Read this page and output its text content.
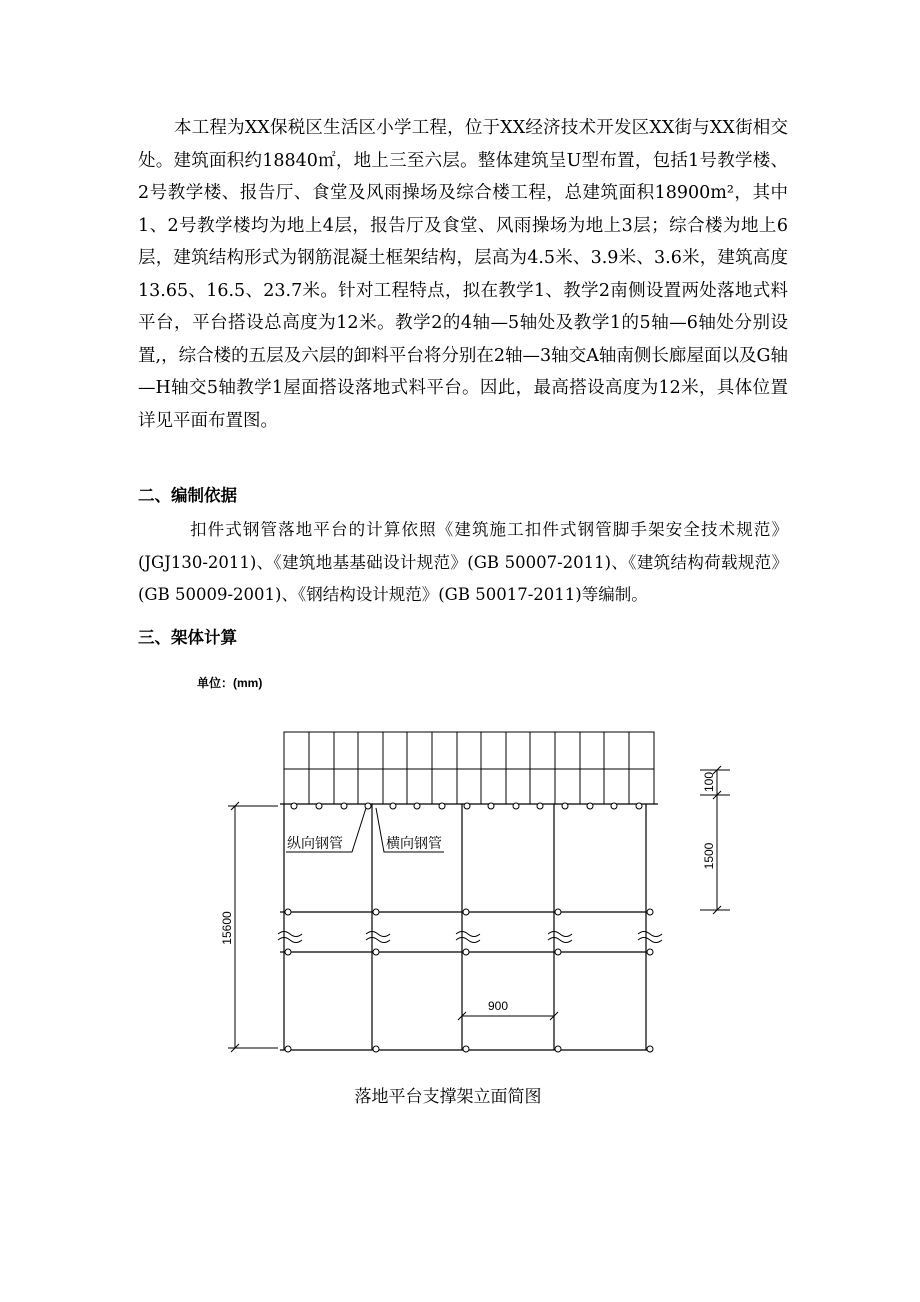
本工程为XX保税区生活区小学工程，位于XX经济技术开发区XX街与XX街相交处。建筑面积约18840㎡，地上三至六层。整体建筑呈U型布置，包括1号教学楼、2号教学楼、报告厅、食堂及风雨操场及综合楼工程，总建筑面积18900m²，其中1、2号教学楼均为地上4层，报告厅及食堂、风雨操场为地上3层；综合楼为地上6层，建筑结构形式为钢筋混凝土框架结构，层高为4.5米、3.9米、3.6米，建筑高度13.65、16.5、23.7米。针对工程特点，拟在教学1、教学2南侧设置两处落地式料平台，平台搭设总高度为12米。教学2的4轴—5轴处及教学1的5轴—6轴处分别设置,，综合楼的五层及六层的卸料平台将分别在2轴—3轴交A轴南侧长廊屋面以及G轴—H轴交5轴教学1屋面搭设落地式料平台。因此，最高搭设高度为12米，具体位置详见平面布置图。

二、编制依据

扣件式钢管落地平台的计算依照《建筑施工扣件式钢管脚手架安全技术规范》(JGJ130-2011)、《建筑地基基础设计规范》(GB 50007-2011)、《建筑结构荷载规范》(GB 50009-2001)、《钢结构设计规范》(GB 50017-2011)等编制。

三、架体计算
单位：(mm)
纵向钢管	横向钢管
15600
100
1500
900
落地平台支撑架立面简图
